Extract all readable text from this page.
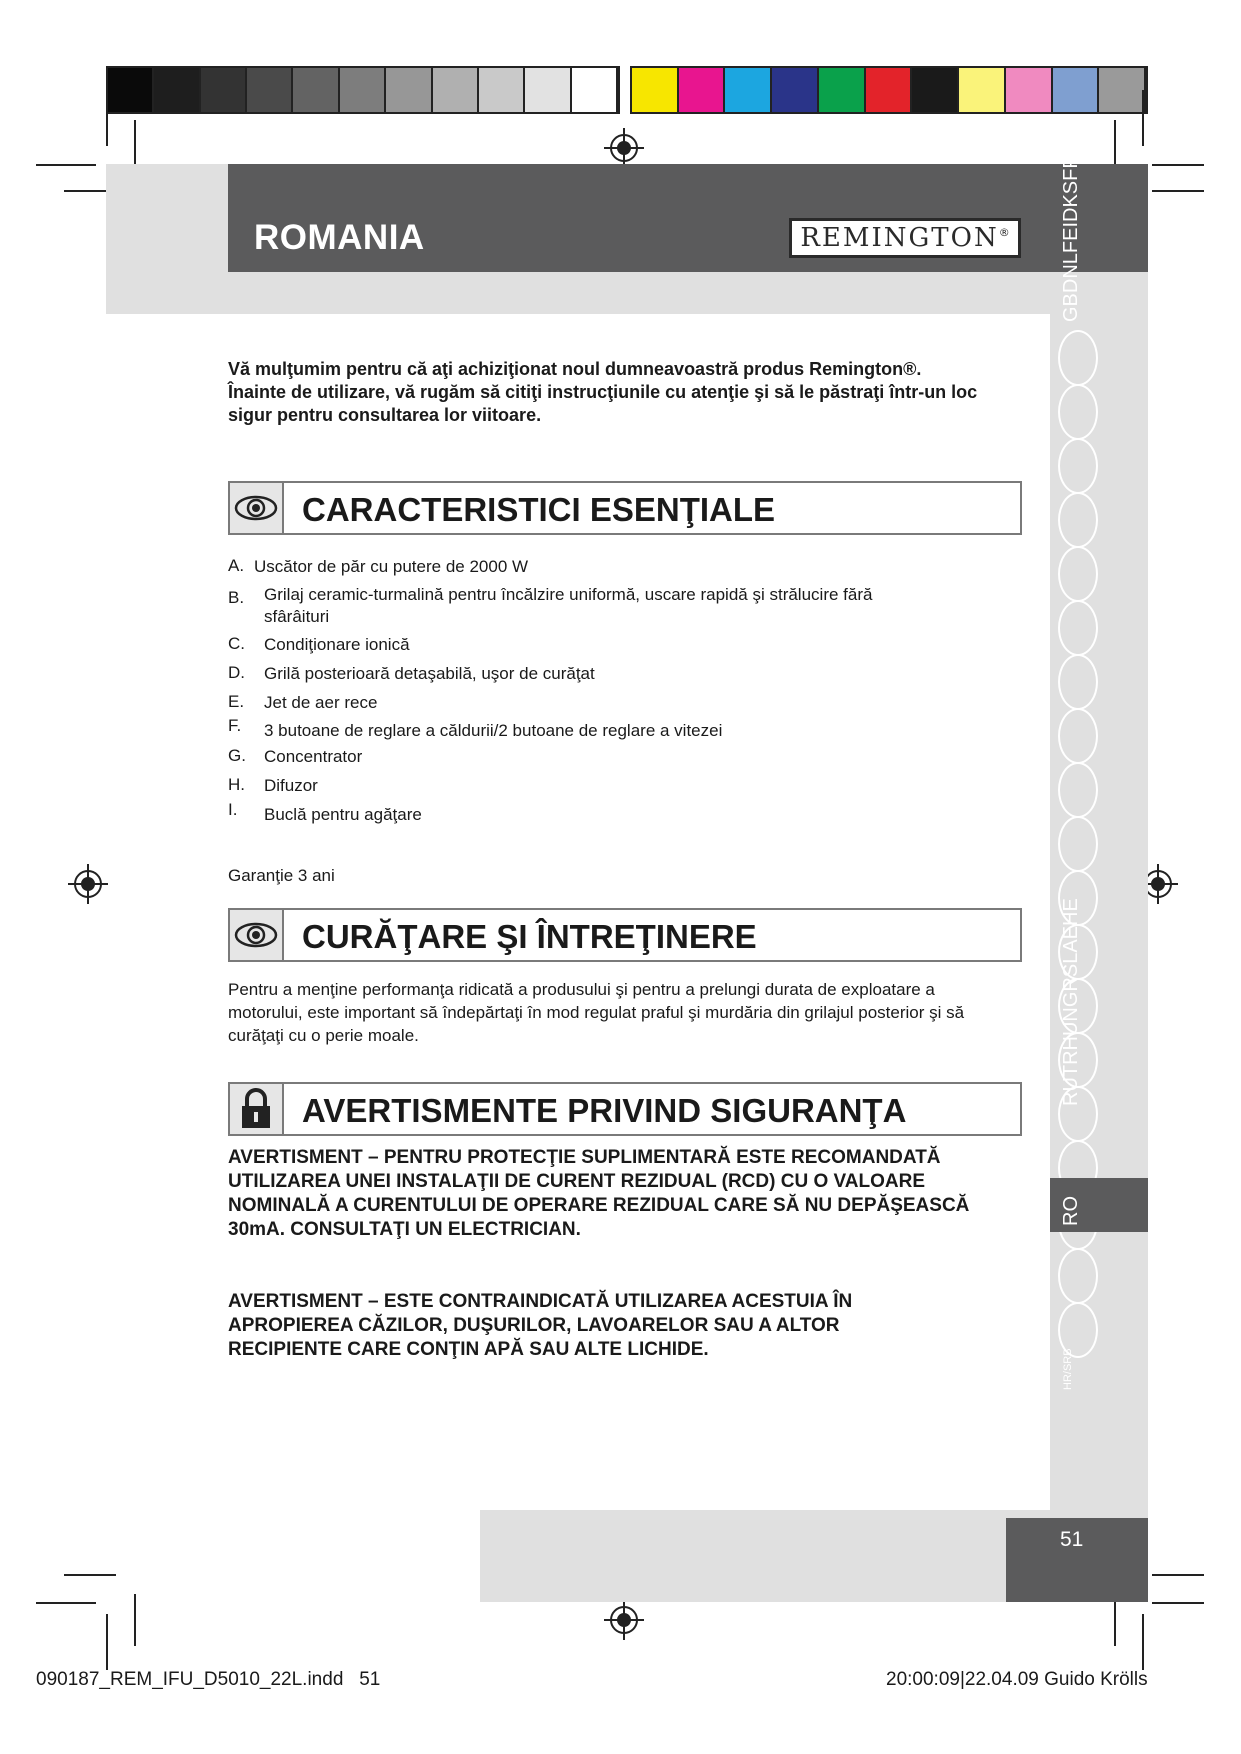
ROMANIA	REMINGTON ®	GBDNLFEIDKSFPSKC
RUTRHUNGRSLAEHE
RO
HR/SRB

Vă mulţumim pentru că aţi achiziţionat noul dumneavoastră produs Remington®.

Înainte de utilizare, vă rugăm să citiţi instrucţiunile cu atenţie şi să le păstraţi într-un loc sigur pentru consultarea lor viitoare.

CARACTERISTICI ESENŢIALE
A. Uscător de păr cu putere de 2000 W
B. Grilaj ceramic-turmalină pentru încălzire uniformă, uscare rapidă şi strălucire fără sfârâituri
C. Condiţionare ionică
D. Grilă posterioară detaşabilă, uşor de curăţat
E. Jet de aer rece
F. 3 butoane de reglare a căldurii/2 butoane de reglare a vitezei
G. Concentrator
H. Difuzor
I. Buclă pentru agăţare
Garanţie 3 ani
CURĂŢARE ŞI ÎNTREŢINERE
Pentru a menţine performanţa ridicată a produsului şi pentru a prelungi durata de exploatare a motorului, este important să îndepărtaţi în mod regulat praful şi murdăria din grilajul posterior şi să curăţaţi cu o perie moale.
AVERTISMENTE PRIVIND SIGURANŢA
AVERTISMENT – PENTRU PROTECŢIE SUPLIMENTARĂ ESTE RECOMANDATĂ UTILIZAREA UNEI INSTALAŢII DE CURENT REZIDUAL (RCD) CU O VALOARE NOMINALĂ A CURENTULUI DE OPERARE REZIDUAL CARE SĂ NU DEPĂŞEASCĂ 30mA. CONSULTAŢI UN ELECTRICIAN.
AVERTISMENT – ESTE CONTRAINDICATĂ UTILIZAREA ACESTUIA ÎN APROPIEREA CĂZILOR, DUŞURILOR, LAVOARELOR SAU A ALTOR RECIPIENTE CARE CONŢIN APĂ SAU ALTE LICHIDE.
51
090187_REM_IFU_D5010_22L.indd   51	20:00:09|22.04.09 Guido Krölls
